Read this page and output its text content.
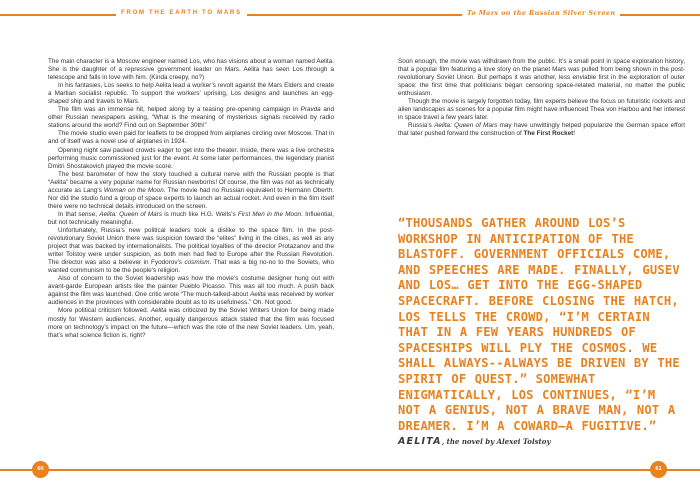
FROM THE EARTH TO MARS

The main character is a Moscow engineer named Los, who has visions about a woman named Aelita. She is the daughter of a repressive government leader on Mars. Aelita has seen Los through a telescope and falls in love with him. (Kinda creepy, no?)

In his fantasies, Los seeks to help Aelita lead a worker’s revolt against the Mars Elders and create a Martian socialist republic. To support the workers’ uprising, Los designs and launches an egg-shaped ship and travels to Mars.

The film was an immense hit, helped along by a teasing pre-opening campaign in Pravda and other Russian newspapers asking, “What is the meaning of mysterious signals received by radio stations around the world? Find out on September 30th!”

The movie studio even paid for leaflets to be dropped from airplanes circling over Moscow. That in and of itself was a novel use of airplanes in 1924.

Opening night saw packed crowds eager to get into the theater. Inside, there was a live orchestra performing music commissioned just for the event. At some later performances, the legendary pianist Dmitri Shostakovich played the movie score.

The best barometer of how the story touched a cultural nerve with the Russian people is that “Aelita” became a very popular name for Russian newborns! Of course, the film was not as technically accurate as Lang’s Woman on the Moon. The movie had no Russian equivalent to Hermann Oberth. Nor did the studio fund a group of space experts to launch an actual rocket. And even in the film itself there were no technical details introduced on the screen.

In that sense, Aelita: Queen of Mars is much like H.G. Wells’s First Men in the Moon. Influential, but not technically meaningful.

Unfortunately, Russia’s new political leaders took a dislike to the space film. In the post-revolutionary Soviet Union there was suspicion toward the “elites” living in the cities, as well as any project that was backed by internationalists. The political loyalties of the director Protazanov and the writer Tolstoy were under suspicion, as both men had fled to Europe after the Russian Revolution. The director was also a believer in Fyodorov’s cosmism. That was a big no-no to the Soviets, who wanted communism to be the people’s religion.

Also of concern to the Soviet leadership was how the movie’s costume designer hung out with avant-garde European artists like the painter Pueblo Picasso. This was all too much. A push back against the film was launched. One critic wrote “The much-talked-about Aelita was received by worker audiences in the provinces with considerable doubt as to its usefulness.” Oh. Not good.

More political criticism followed. Aelita was criticized by the Soviet Writers Union for being made mostly for Western audiences. Another, equally dangerous attack stated that the film was focused more on technology’s impact on the future—which was the role of the new Soviet leaders. Um, yeah, that’s what science fiction is, right?

60
To Mars on the Russian Silver Screen

Soon enough, the movie was withdrawn from the public. It’s a small point in space exploration history, that a popular film featuring a love story on the planet Mars was pulled from being shown in the post-revolutionary Soviet Union. But perhaps it was another, less enviable first in the exploration of outer space: the first time that politicians began censoring space-related material, no matter the public enthusiasm.

Though the movie is largely forgotten today, film experts believe the focus on futuristic rockets and alien landscapes as scenes for a popular film might have influenced Thea von Harbou and her interest in space travel a few years later.

Russia’s Aelita: Queen of Mars may have unwittingly helped popularize the German space effort that later pushed forward the construction of The First Rocket!

“THOUSANDS GATHER AROUND LOS’S WORKSHOP IN ANTICIPATION OF THE BLASTOFF. GOVERNMENT OFFICIALS COME, AND SPEECHES ARE MADE. FINALLY, GUSEV AND LOS… GET INTO THE EGG-SHAPED SPACECRAFT. BEFORE CLOSING THE HATCH, LOS TELLS THE CROWD, “I’M CERTAIN THAT IN A FEW YEARS HUNDREDS OF SPACESHIPS WILL PLY THE COSMOS. WE SHALL ALWAYS--ALWAYS BE DRIVEN BY THE SPIRIT OF QUEST.” SOMEWHAT ENIGMATICALLY, LOS CONTINUES, “I’M NOT A GENIUS, NOT A BRAVE MAN, NOT A DREAMER. I’M A COWARD—A FUGITIVE.”
AELITA, the novel by Alexei Tolstoy
61
